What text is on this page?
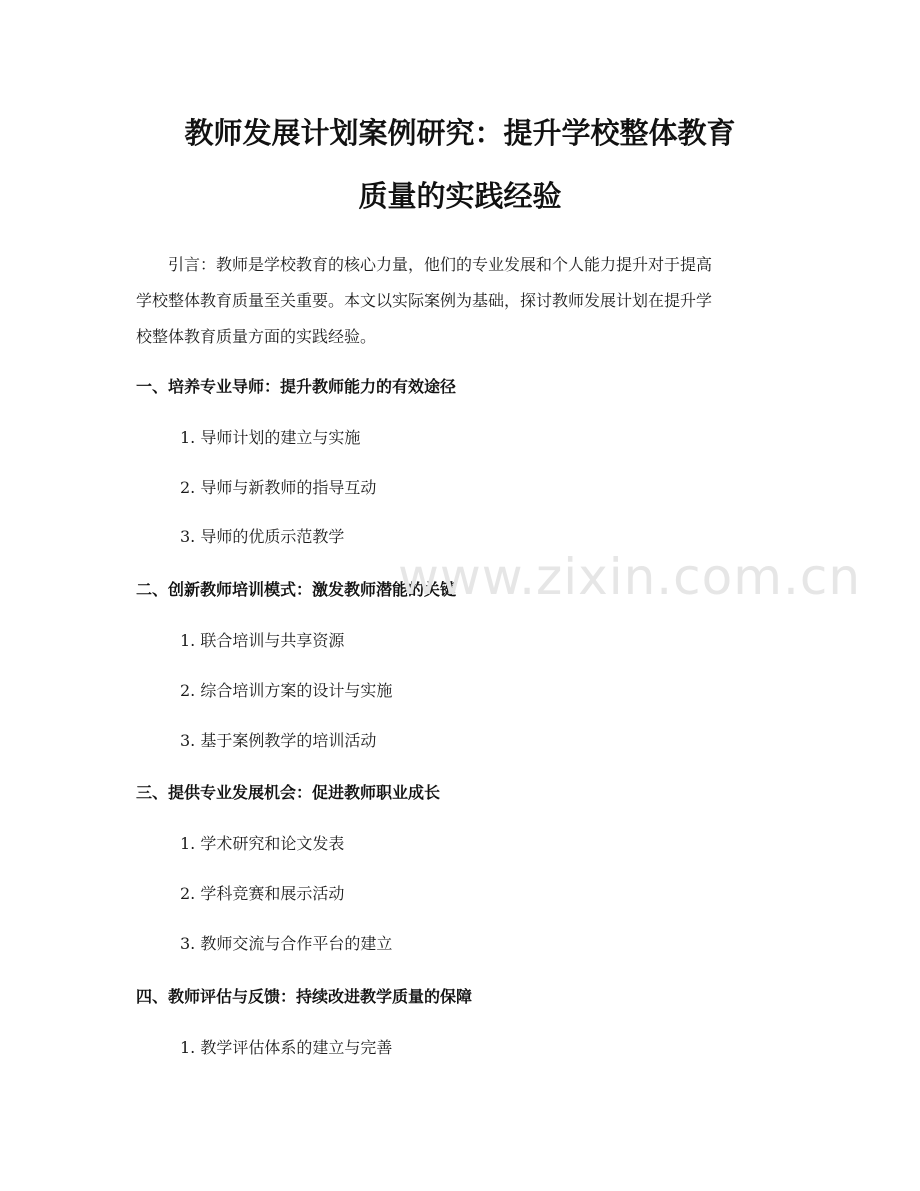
教师发展计划案例研究：提升学校整体教育
质量的实践经验
引言：教师是学校教育的核心力量，他们的专业发展和个人能力提升对于提高
学校整体教育质量至关重要。本文以实际案例为基础，探讨教师发展计划在提升学
校整体教育质量方面的实践经验。
一、培养专业导师：提升教师能力的有效途径
1. 导师计划的建立与实施
2. 导师与新教师的指导互动
3. 导师的优质示范教学
二、创新教师培训模式：激发教师潜能的关键
1. 联合培训与共享资源
2. 综合培训方案的设计与实施
3. 基于案例教学的培训活动
三、提供专业发展机会：促进教师职业成长
1. 学术研究和论文发表
2. 学科竞赛和展示活动
3. 教师交流与合作平台的建立
四、教师评估与反馈：持续改进教学质量的保障
1. 教学评估体系的建立与完善
www.zixin.com.cn
